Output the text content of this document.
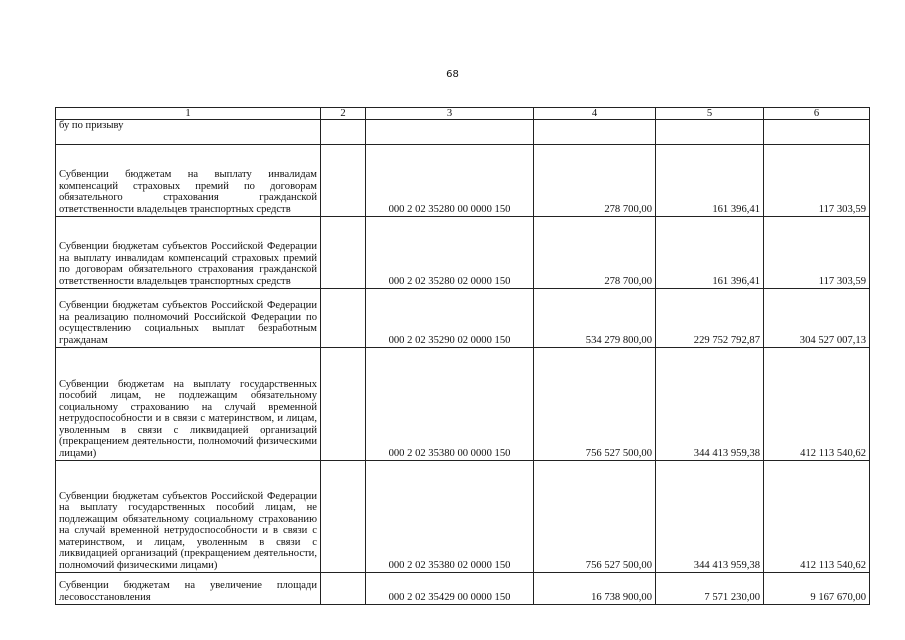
68
1	2	3	4	5	6
бу по призыву					
Субвенции бюджетам на выплату инвалидам компенсаций страховых премий по договорам обязательного страхования гражданской ответственности владельцев транспортных средств		000 2 02 35280 00 0000 150	278 700,00	161 396,41	117 303,59
Субвенции бюджетам субъектов Российской Федерации на выплату инвалидам компенсаций страховых премий по договорам обязательного страхования гражданской ответственности владельцев транспортных средств		000 2 02 35280 02 0000 150	278 700,00	161 396,41	117 303,59
Субвенции бюджетам субъектов Российской Федерации на реализацию полномочий Российской Федерации по осуществлению социальных выплат безработным гражданам		000 2 02 35290 02 0000 150	534 279 800,00	229 752 792,87	304 527 007,13
Субвенции бюджетам на выплату государственных пособий лицам, не подлежащим обязательному социальному страхованию на случай временной нетрудоспособности и в связи с материнством, и лицам, уволенным в связи с ликвидацией организаций (прекращением деятельности, полномочий физическими лицами)		000 2 02 35380 00 0000 150	756 527 500,00	344 413 959,38	412 113 540,62
Субвенции бюджетам субъектов Российской Федерации на выплату государственных пособий лицам, не подлежащим обязательному социальному страхованию на случай временной нетрудоспособности и в связи с материнством, и лицам, уволенным в связи с ликвидацией организаций (прекращением деятельности, полномочий физическими лицами)		000 2 02 35380 02 0000 150	756 527 500,00	344 413 959,38	412 113 540,62
Субвенции бюджетам на увеличение площади лесовосстановления		000 2 02 35429 00 0000 150	16 738 900,00	7 571 230,00	9 167 670,00
